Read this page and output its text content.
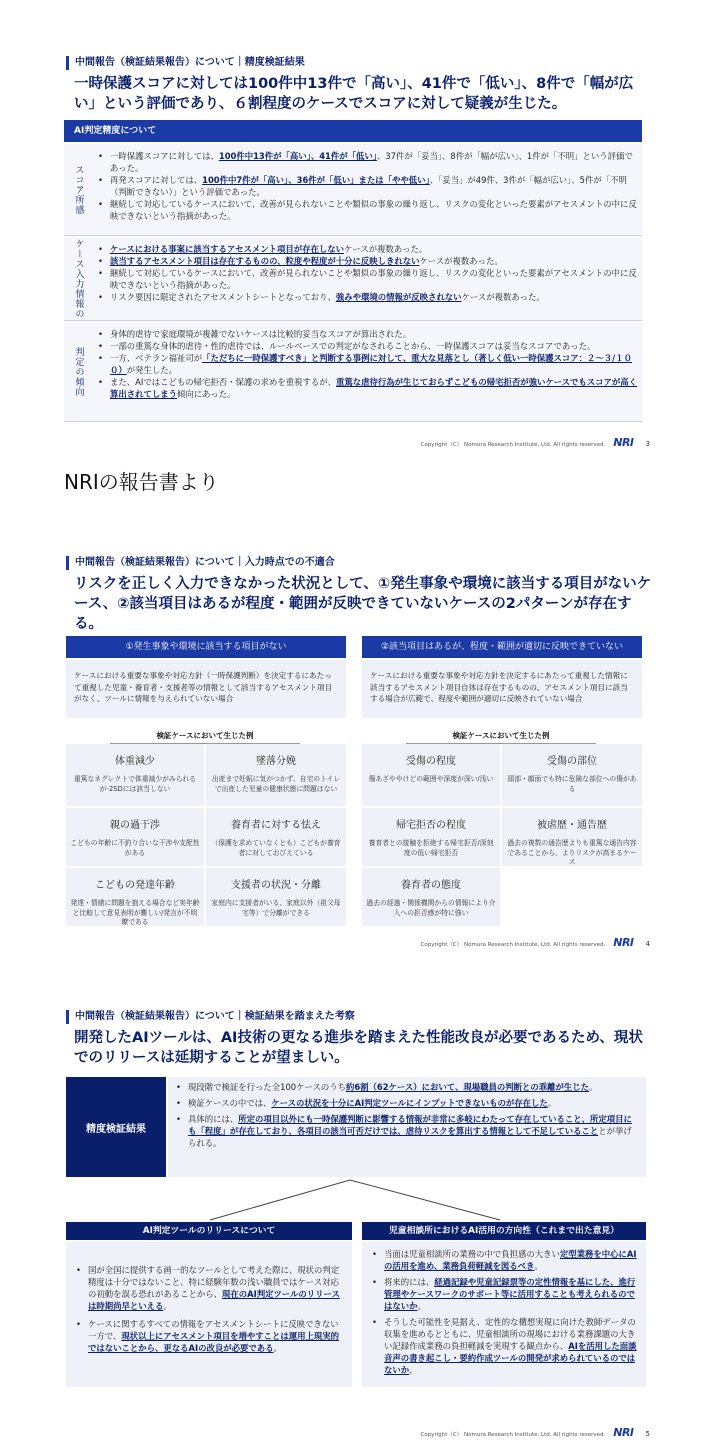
中間報告（検証結果報告）について｜精度検証結果
一時保護スコアに対しては100件中13件で「高い」、41件で「低い」、8件で「幅が広い」という評価であり、６割程度のケースでスコアに対して疑義が生じた。
AI判定精度について
スコア所感
• 一時保護スコアに対しては、100件中13件が「高い」、41件が「低い」、37件が「妥当」、8件が「幅が広い」、1件が「不明」という評価であった。
• 再発スコアに対しては、100件中7件が「高い」、36件が「低い」または「やや低い」、「妥当」が49件、3件が「幅が広い」、5件が「不明（判断できない）」という評価であった。
• 継続して対応しているケースにおいて、改善が見られないことや類似の事象の繰り返し、リスクの変化といった要素がアセスメントの中に反映できないという指摘があった。
ケース入力情報の
•	ケースにおける事案に該当するアセスメント項目が存在しないケースが複数あった。
• 該当するアセスメント項目は存在するものの、粒度や程度が十分に反映しきれないケースが複数あった。
• 継続して対応しているケースにおいて、改善が見られないことや類似の事象の繰り返し、リスクの変化といった要素がアセスメントの中に反映できないという指摘があった。
• リスク要因に限定されたアセスメントシートとなっており、強みや環境の情報が反映されないケースが複数あった。
判定の傾向
• 身体的虐待で家庭環境が複雑でないケースは比較的妥当なスコアが算出された。
• 一部の重篤な身体的虐待・性的虐待では、ルールベースでの判定がなされることから、一時保護スコアは妥当なスコアであった。
• 一方、ベテラン福祉司が「ただちに一時保護すべき」と判断する事例に対して、重大な見落とし（著しく低い一時保護スコア：２～３/１００）が発生した。
• また、AIではこどもの帰宅拒否・保護の求めを重視するが、重篤な虐待行為が生じておらずこどもの帰宅拒否が強いケースでもスコアが高く算出されてしまう傾向にあった。
Copyright（C） Nomura Research Institute, Ltd. All rights reserved. NRI 3
NRIの報告書より
中間報告（検証結果報告）について｜入力時点での不適合
リスクを正しく入力できなかった状況として、①発生事象や環境に該当する項目がないケース、②該当項目はあるが程度・範囲が反映できていないケースの2パターンが存在する。
①発生事象や環境に該当する項目がない
ケースにおける重要な事象や対応方針（一時保護判断）を決定するにあたって重視した児童・養育者・支援者等の情報として該当するアセスメント項目がなく、ツールに情報を与えられていない場合
検証ケースにおいて生じた例
体重減少
重篤なネグレクトで体重減少がみられるが-2SDには該当しない
墜落分娩
出産まで妊娠に気がつかず、自宅のトイレで出産した児童の健康状態に問題はない
親の過干渉
こどもの年齢に不釣り合いな干渉や支配性がある
養育者に対する怯え
（保護を求めていなくとも）こどもが養育者に対しておびえている
こどもの発達年齢
発達・情緒に問題を抱える場合など実年齢と比較して意見表明が難しい/発言が不明瞭である
支援者の状況・分離
家庭内に支援者がいる、家庭以外（祖父母宅等）で分離ができる
②該当項目はあるが、程度・範囲が適切に反映できていない
ケースにおける重要な事象や対応方針を決定するにあたって重視した情報に該当するアセスメント項目自体は存在するものの、アセスメント項目に該当する場合が広範で、程度や範囲が適切に反映されていない場合
検証ケースにおいて生じた例
受傷の程度
傷あざややけどの範囲や深度が深い/浅い
受傷の部位
頭部・顔面でも特に危険な部位への傷がある
帰宅拒否の程度
養育者との接触を拒絶する帰宅拒否/深刻度の低い帰宅拒否
被虐歴・通告歴
過去の複数の通告歴よりも重篤な通告内容であることから、よりリスクが高まるケース
養育者の態度
過去の経過・関係機関からの情報により介入への拒否感が特に強い
Copyright（C） Nomura Research Institute, Ltd. All rights reserved. NRI 4
中間報告（検証結果報告）について｜検証結果を踏まえた考察
開発したAIツールは、AI技術の更なる進歩を踏まえた性能改良が必要であるため、現状でのリリースは延期することが望ましい。
精度検証結果
• 現段階で検証を行った全100ケースのうち約6割（62ケース）において、現場職員の判断との乖離が生じた。
• 検証ケースの中では、ケースの状況を十分にAI判定ツールにインプットできないものが存在した。
• 具体的には、所定の項目以外にも一時保護判断に影響する情報が非常に多岐にわたって存在していること、所定項目にも「程度」が存在しており、各項目の該当可否だけでは、虐待リスクを算出する情報として不足していることとが挙げられる。
AI判定ツールのリリースについて
• 国が全国に提供する画一的なツールとして考えた際に、現状の判定精度は十分ではないこと、特に経験年数の浅い職員ではケース対応の初動を誤る恐れがあることから、現在のAI判定ツールのリリースは時期尚早といえる。
• ケースに関するすべての情報をアセスメントシートに反映できない一方で、現状以上にアセスメント項目を増やすことは運用上現実的ではないことから、更なるAIの改良が必要である。
児童相談所におけるAI活用の方向性（これまで出た意見）
• 当面は児童相談所の業務の中で負担感の大きい定型業務を中心にAIの活用を進め、業務負荷軽減を図るべき。
• 将来的には、経過記録や児童記録票等の定性情報を基にした、進行管理やケースワークのサポート等に活用することも考えられるのではないか。
• そうした可能性を見据え、定性的な構想実現に向けた教師データの収集を進めるとともに、児童相談所の現場における業務課題の大きい記録作成業務の負担軽減を実現する観点から、AIを活用した面談音声の書き起こし・要約作成ツールの開発が求められているのではないか。
Copyright（C） Nomura Research Institute, Ltd. All rights reserved. NRI 5
